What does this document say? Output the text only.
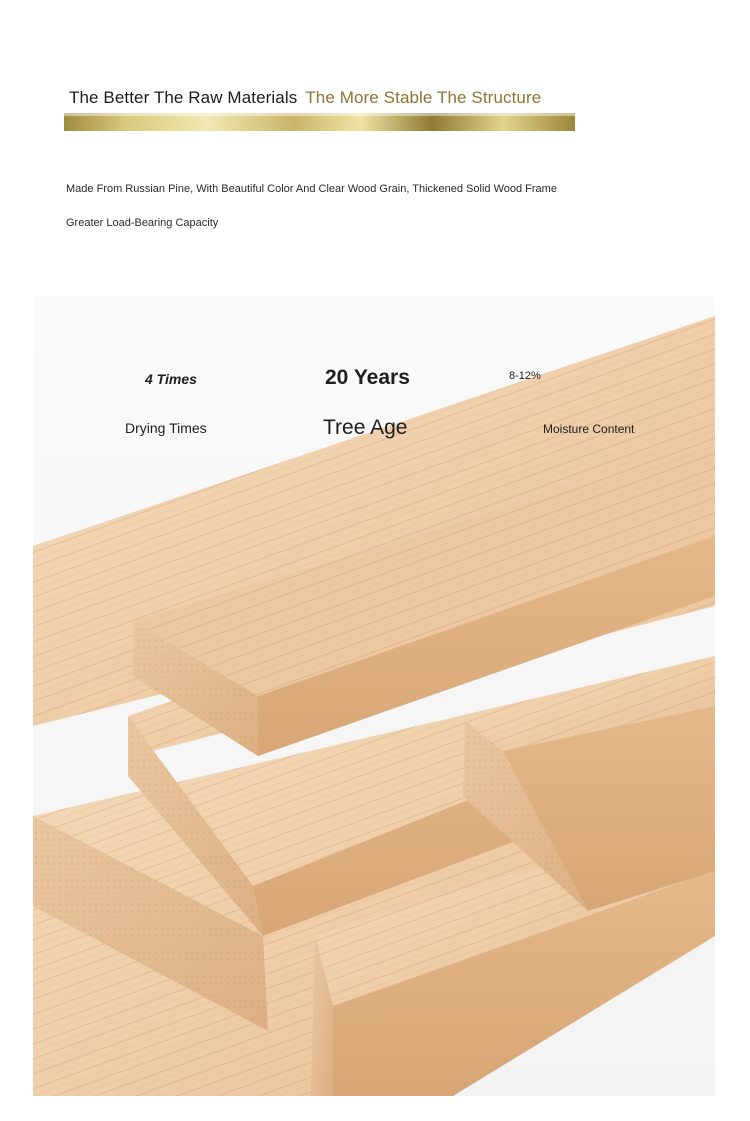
The Better The Raw Materials The More Stable The Structure
Made From Russian Pine, With Beautiful Color And Clear Wood Grain, Thickened Solid Wood Frame
Greater Load-Bearing Capacity
4 Times
Drying Times
20 Years
Tree Age
8-12%
Moisture Content
